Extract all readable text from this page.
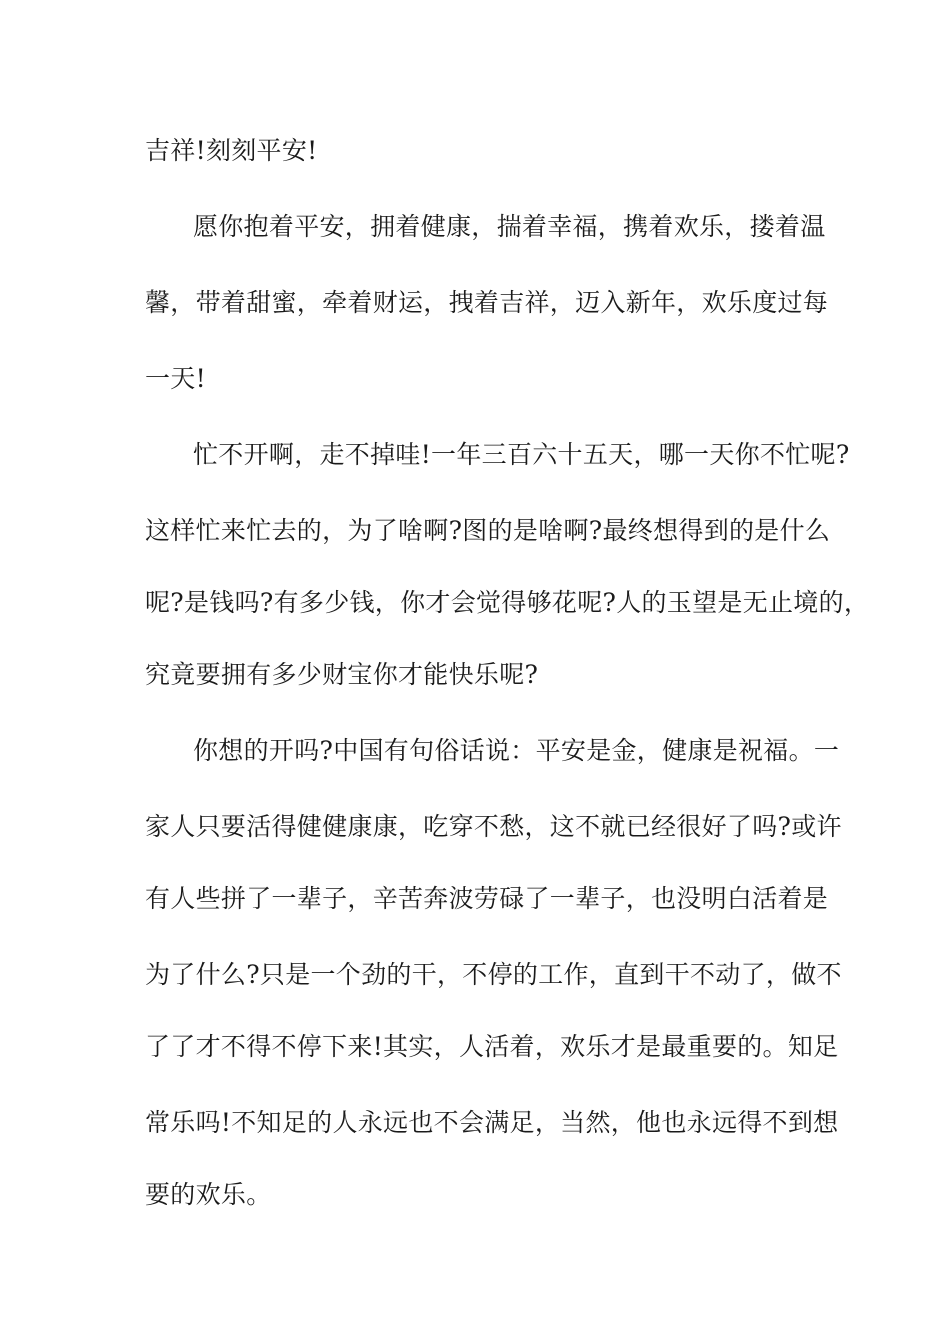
吉祥!刻刻平安!

愿你抱着平安，拥着健康，揣着幸福，携着欢乐，搂着温

馨，带着甜蜜，牵着财运，拽着吉祥，迈入新年，欢乐度过每

一天!

忙不开啊，走不掉哇!一年三百六十五天，哪一天你不忙呢?

这样忙来忙去的，为了啥啊?图的是啥啊?最终想得到的是什么

呢?是钱吗?有多少钱，你才会觉得够花呢?人的玉望是无止境的，

究竟要拥有多少财宝你才能快乐呢?

你想的开吗?中国有句俗话说：平安是金，健康是祝福。一

家人只要活得健健康康，吃穿不愁，这不就已经很好了吗?或许

有人些拼了一辈子，辛苦奔波劳碌了一辈子，也没明白活着是

为了什么?只是一个劲的干，不停的工作，直到干不动了，做不

了了才不得不停下来!其实，人活着，欢乐才是最重要的。知足

常乐吗!不知足的人永远也不会满足，当然，他也永远得不到想

要的欢乐。
